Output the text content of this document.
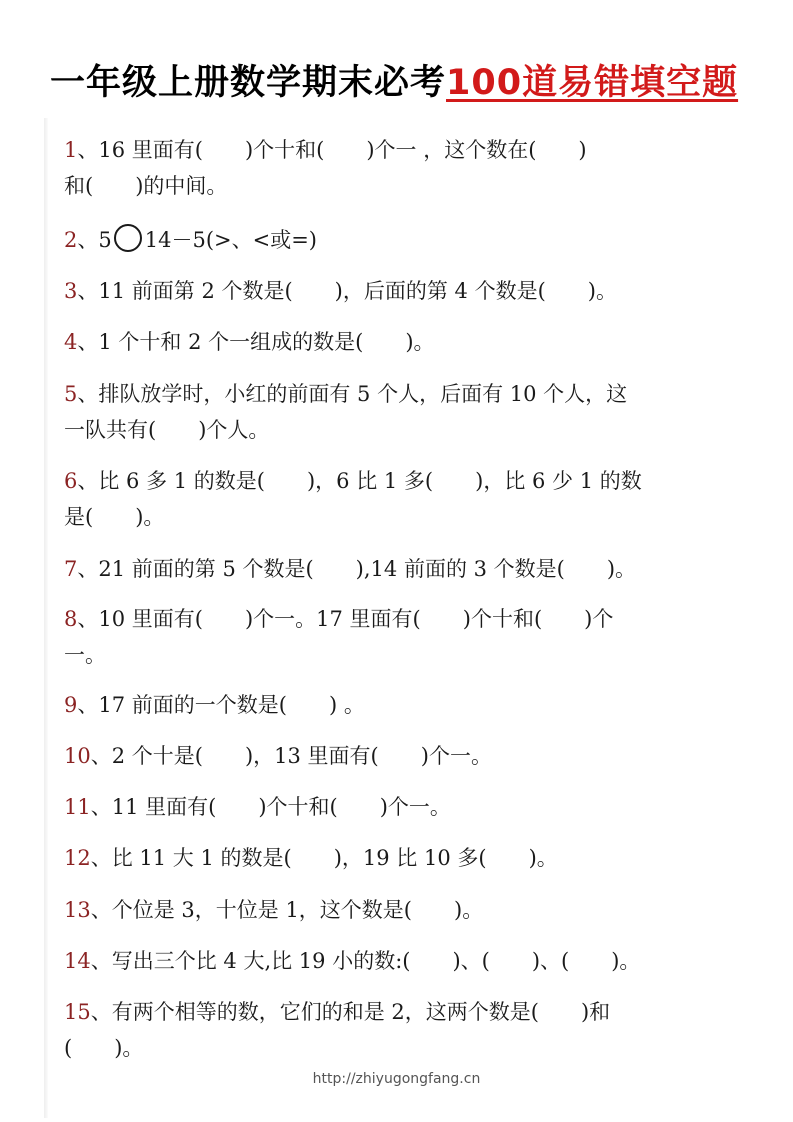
一年级上册数学期末必考100道易错填空题
1、16 里面有(　　)个十和(　　)个一 ，这个数在(　　)
和(　　)的中间。
2、5 14－5(>、<或=)
3、11 前面第 2 个数是(　　)，后面的第 4 个数是(　　)。
4、1 个十和 2 个一组成的数是(　　)。
5、排队放学时，小红的前面有 5 个人，后面有 10 个人，这
一队共有(　　)个人。
6、比 6 多 1 的数是(　　)，6 比 1 多(　　)，比 6 少 1 的数
是(　　)。
7、21 前面的第 5 个数是(　　),14 前面的 3 个数是(　　)。
8、10 里面有(　　)个一。17 里面有(　　)个十和(　　)个
一。
9、17 前面的一个数是(　　) 。
10、2 个十是(　　)，13 里面有(　　)个一。
11、11 里面有(　　)个十和(　　)个一。
12、比 11 大 1 的数是(　　)，19 比 10 多(　　)。
13、个位是 3，十位是 1，这个数是(　　)。
14、写出三个比 4 大,比 19 小的数:(　　)、(　　)、(　　)。
15、有两个相等的数，它们的和是 2，这两个数是(　　)和
(　　)。
http://zhiyugongfang.cn
